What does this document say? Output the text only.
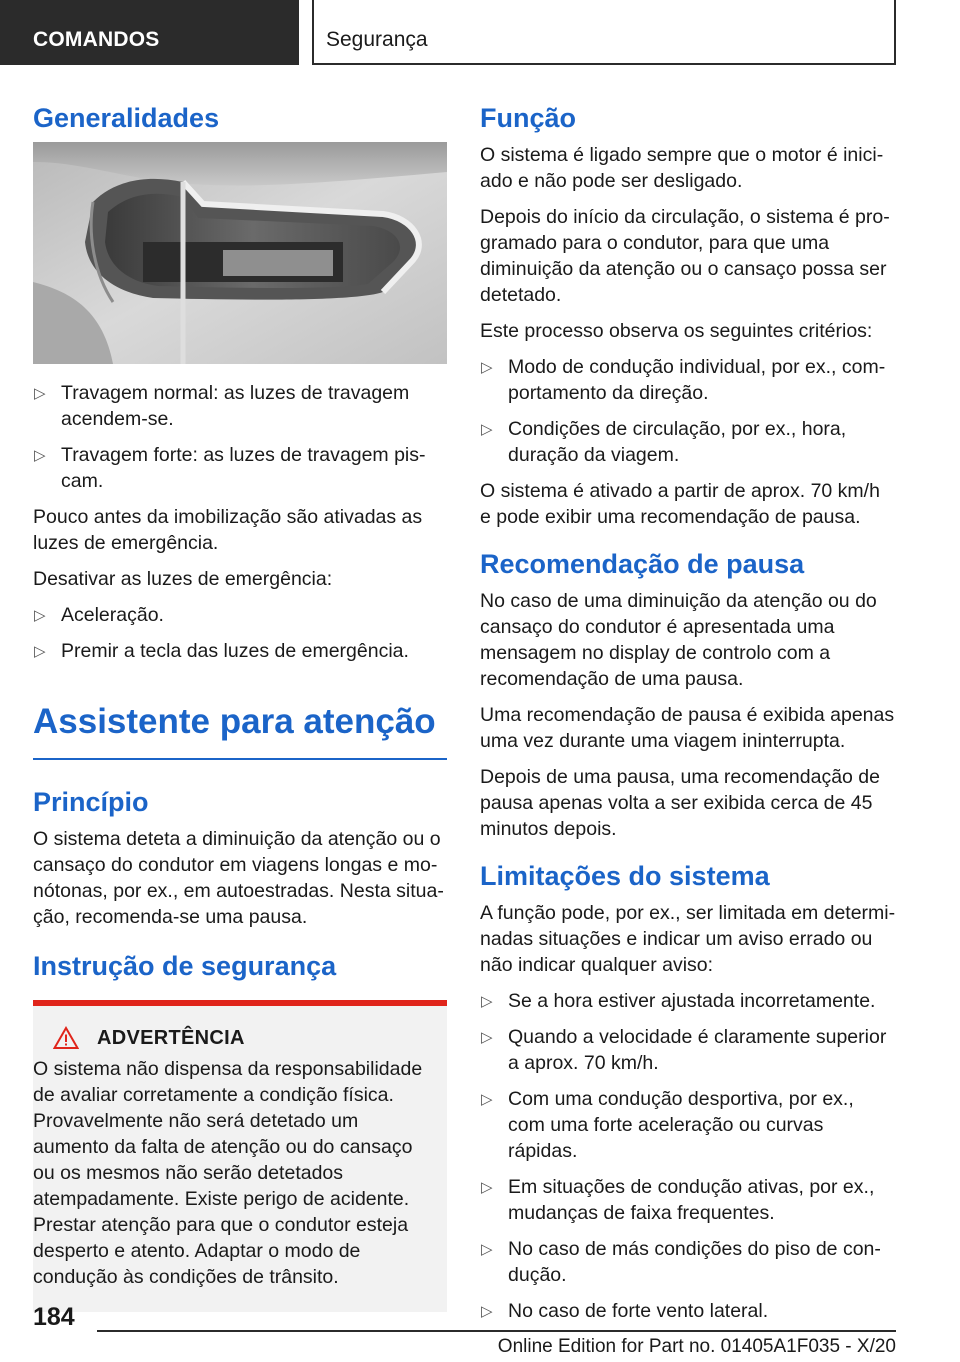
COMANDOS	Segurança
Generalidades
▷ Travagem normal: as luzes de travagem acendem-se.
▷ Travagem forte: as luzes de travagem piscam.

Pouco antes da imobilização são ativadas as luzes de emergência.

Desativar as luzes de emergência:

▷ Aceleração.
▷ Premir a tecla das luzes de emergência.
Assistente para atenção
Princípio

O sistema deteta a diminuição da atenção ou o cansaço do condutor em viagens longas e monótonas, por ex., em autoestradas. Nesta situação, recomenda-se uma pausa.

Instrução de segurança
ADVERTÊNCIA

O sistema não dispensa da responsabilidade de avaliar corretamente a condição física. Provavelmente não será detetado um aumento da falta de atenção ou do cansaço ou os mesmos não serão detetados atempadamente. Existe perigo de acidente. Prestar atenção para que o condutor esteja desperto e atento. Adaptar o modo de condução às condições de trânsito.

Função

O sistema é ligado sempre que o motor é iniciado e não pode ser desligado.

Depois do início da circulação, o sistema é programado para o condutor, para que uma diminuição da atenção ou o cansaço possa ser detetado.

Este processo observa os seguintes critérios:

▷ Modo de condução individual, por ex., comportamento da direção.
▷ Condições de circulação, por ex., hora, duração da viagem.

O sistema é ativado a partir de aprox. 70 km/h e pode exibir uma recomendação de pausa.

Recomendação de pausa

No caso de uma diminuição da atenção ou do cansaço do condutor é apresentada uma mensagem no display de controlo com a recomendação de uma pausa.

Uma recomendação de pausa é exibida apenas uma vez durante uma viagem ininterrupta.

Depois de uma pausa, uma recomendação de pausa apenas volta a ser exibida cerca de 45 minutos depois.

Limitações do sistema

A função pode, por ex., ser limitada em determinadas situações e indicar um aviso errado ou não indicar qualquer aviso:

▷ Se a hora estiver ajustada incorretamente.
▷ Quando a velocidade é claramente superior a aprox. 70 km/h.
▷ Com uma condução desportiva, por ex., com uma forte aceleração ou curvas rápidas.
▷ Em situações de condução ativas, por ex., mudanças de faixa frequentes.
▷ No caso de más condições do piso de condução.
▷ No caso de forte vento lateral.
184
Online Edition for Part no. 01405A1F035 - X/20
